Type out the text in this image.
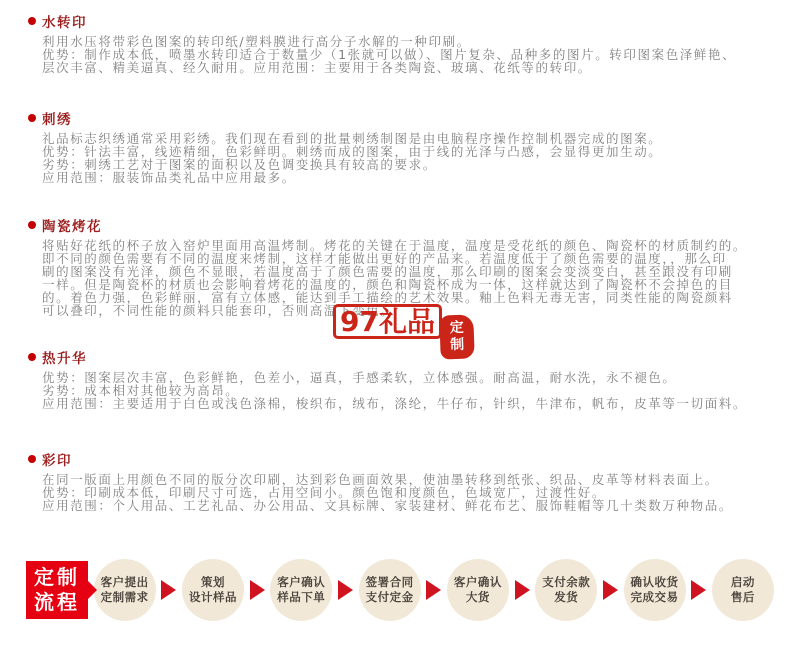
水转印
利用水压将带彩色图案的转印纸/塑料膜进行高分子水解的一种印刷。
优势：制作成本低，喷墨水转印适合于数量少（1张就可以做）、图片复杂、品种多的图片。转印图案色泽鲜艳、
层次丰富、精美逼真、经久耐用。应用范围：主要用于各类陶瓷、玻璃、花纸等的转印。
刺绣
礼品标志织绣通常采用彩绣。我们现在看到的批量刺绣制图是由电脑程序操作控制机器完成的图案。
优势：针法丰富，线迹精细，色彩鲜明。刺绣而成的图案，由于线的光泽与凸感，会显得更加生动。
劣势：刺绣工艺对于图案的面积以及色调变换具有较高的要求。
应用范围：服装饰品类礼品中应用最多。
陶瓷烤花
将贴好花纸的杯子放入窑炉里面用高温烤制。烤花的关键在于温度，温度是受花纸的颜色、陶瓷杯的材质制约的。
即不同的颜色需要有不同的温度来烤制，这样才能做出更好的产品来。若温度低于了颜色需要的温度，，那么印
刷的图案没有光泽，颜色不显眼，若温度高于了颜色需要的温度，那么印刷的图案会变淡变白，甚至跟没有印刷
一样。但是陶瓷杯的材质也会影响着烤花的温度的，颜色和陶瓷杯成为一体，这样就达到了陶瓷杯不会掉色的目
的。着色力强，色彩鲜丽，富有立体感，能达到手工描绘的艺术效果。釉上色料无毒无害，同类性能的陶瓷颜料
可以叠印，不同性能的颜料只能套印，否则高温下变色。
97礼品	定
制
热升华
优势：图案层次丰富，色彩鲜艳，色差小，逼真，手感柔软，立体感强。耐高温，耐水洗，永不褪色。
劣势：成本相对其他较为高昂。
应用范围：主要适用于白色或浅色涤棉，梭织布，绒布，涤纶，牛仔布，针织，牛津布，帆布，皮革等一切面料。
彩印
在同一版面上用颜色不同的版分次印刷，达到彩色画面效果，使油墨转移到纸张、织品、皮革等材料表面上。
优势：印刷成本低，印刷尺寸可选，占用空间小。颜色饱和度颜色，色域宽广，过渡性好。
应用范围：个人用品、工艺礼品、办公用品、文具标牌、家装建材、鲜花布艺、服饰鞋帽等几十类数万种物品。
定制
流程
客户提出
定制需求
策划
设计样品
客户确认
样品下单
签署合同
支付定金
客户确认
大货
支付余款
发货
确认收货
完成交易
启动
售后
